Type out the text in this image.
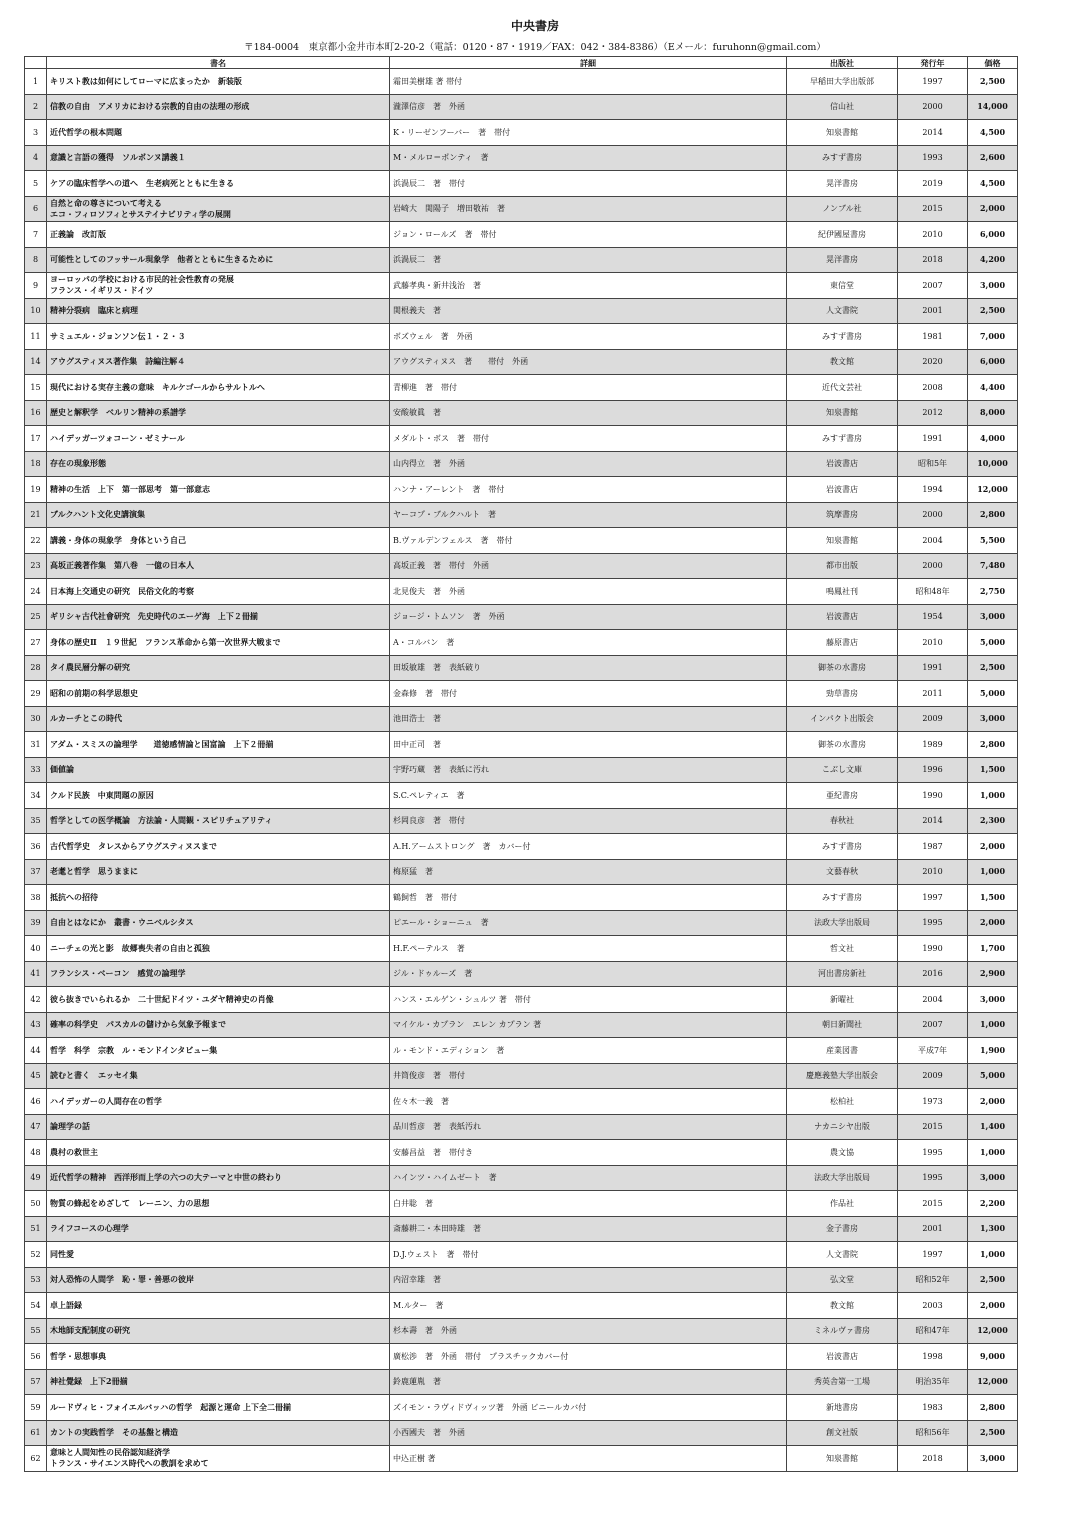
中央書房
〒184-0004　東京都小金井市本町2-20-2（電話：0120・87・1919／FAX：042・384-8386）（Eメール：furuhonn@gmail.com）
	書名	詳細	出版社	発行年	価格
1	キリスト教は如何にしてローマに広まったか　新装版	霜田美樹雄 著 帯付	早稲田大学出版部	1997	2,500
2	信教の自由　アメリカにおける宗教的自由の法理の形成	瀧澤信彦　著　外函	信山社	2000	14,000
3	近代哲学の根本問題	K・リーゼンフーバー　著　帯付	知泉書館	2014	4,500
4	意識と言語の獲得　ソルボンヌ講義１	M・メルロ＝ポンティ　著	みすず書房	1993	2,600
5	ケアの臨床哲学への道へ　生老病死とともに生きる	浜渦辰二　著　帯付	晃洋書房	2019	4,500
6	自然と命の尊さについて考える
エコ・フィロソフィとサステイナビリティ学の展開	岩崎大　関陽子　増田敬祐　著	ノンブル社	2015	2,000
7	正義論　改訂版	ジョン・ロールズ　著　帯付	紀伊國屋書房	2010	6,000
8	可能性としてのフッサール現象学　他者とともに生きるために	浜渦辰二　著	晃洋書房	2018	4,200
9	ヨーロッパの学校における市民的社会性教育の発展
フランス・イギリス・ドイツ	武藤孝典・新井浅治　著	東信堂	2007	3,000
10	精神分裂病　臨床と病理	関根義夫　著	人文書院	2001	2,500
11	サミュエル・ジョンソン伝１・２・３	ボズウェル　著　外函	みすず書房	1981	7,000
14	アウグスティヌス著作集　詩編注解４	アウグスティヌス　著　　帯付　外函	教文館	2020	6,000
15	現代における実存主義の意味　キルケゴールからサルトルへ	青柳進　著　帯付	近代文芸社	2008	4,400
16	歴史と解釈学　ベルリン精神の系譜学	安酸敏眞　著	知泉書館	2012	8,000
17	ハイデッガーツォコーン・ゼミナール	メダルト・ボス　著　帯付	みすず書房	1991	4,000
18	存在の現象形態	山内得立　著　外函	岩波書店	昭和5年	10,000
19	精神の生活　上下　第一部思考　第一部意志	ハンナ・アーレント　著　帯付	岩波書店	1994	12,000
21	ブルクハント文化史講演集	ヤーコプ・ブルクハルト　著	筑摩書房	2000	2,800
22	講義・身体の現象学　身体という自己	B.ヴァルデンフェルス　著　帯付	知泉書館	2004	5,500
23	高坂正義著作集　第八巻　一億の日本人	高坂正義　著　帯付　外函	都市出版	2000	7,480
24	日本海上交通史の研究　民俗文化的考察	北見俊夫　著　外函	鳴鳳社刊	昭和48年	2,750
25	ギリシャ古代社會研究　先史時代のエーゲ海　上下２冊揃	ジョージ・トムソン　著　外函	岩波書店	1954	3,000
27	身体の歴史Ⅱ　１９世紀　フランス革命から第一次世界大戦まで	A・コルバン　著	藤原書店	2010	5,000
28	タイ農民層分解の研究	田坂敏雄　著　表紙破り	御茶の水書房	1991	2,500
29	昭和の前期の科学思想史	金森修　著　帯付	勁草書房	2011	5,000
30	ルカーチとこの時代	池田浩士　著	インパクト出版会	2009	3,000
31	アダム・スミスの論理学　　道徳感情論と国富論　上下２冊揃	田中正司　著	御茶の水書房	1989	2,800
33	価値論	宇野巧蔵　著　表紙に汚れ	こぶし文庫	1996	1,500
34	クルド民族　中東問題の原因	S.C.ペレティエ　著	亜紀書房	1990	1,000
35	哲学としての医学概論　方法論・人間観・スピリチュアリティ	杉岡良彦　著　帯付	春秋社	2014	2,300
36	古代哲学史　タレスからアウグスティヌスまで	A.H.アームストロング　著　カバー付	みすず書房	1987	2,000
37	老耄と哲学　思うままに	梅原猛　著	文藝春秋	2010	1,000
38	抵抗への招待	鶴飼哲　著　帯付	みすず書房	1997	1,500
39	自由とはなにか　叢書・ウニベルシタス	ピエール・ショーニュ　著	法政大学出版局	1995	2,000
40	ニーチェの光と影　故郷喪失者の自由と孤独	H.F.ペーテルス　著	哲文社	1990	1,700
41	フランシス・ベーコン　感覚の論理学	ジル・ドゥルーズ　著	河出書房新社	2016	2,900
42	彼ら抜きでいられるか　二十世紀ドイツ・ユダヤ精神史の肖像	ハンス・エルゲン・シュルツ 著　帯付	新曜社	2004	3,000
43	確率の科学史　パスカルの儲けから気象予報まで	マイケル・カプラン　エレン カプラン 著	朝日新聞社	2007	1,000
44	哲学　科学　宗教　ル・モンドインタビュー集	ル・モンド・エディション　著	産業図書	平成7年	1,900
45	読むと書く　エッセイ集	井筒俊彦　著　帯付	慶應義塾大学出版会	2009	5,000
46	ハイデッガーの人間存在の哲学	佐々木一義　著	松柏社	1973	2,000
47	論理学の話	品川哲彦　著　表紙汚れ	ナカニシヤ出版	2015	1,400
48	農村の救世主	安藤昌益　著　帯付き	農文協	1995	1,000
49	近代哲学の精神　西洋形而上学の六つの大テーマと中世の終わり	ハインツ・ハイムゼート　著	法政大学出版局	1995	3,000
50	物質の蜂起をめざして　レーニン、力の思想	白井聡　著	作品社	2015	2,200
51	ライフコースの心理学	斎藤耕二・本田時雄　著	金子書房	2001	1,300
52	同性愛	D.J.ウェスト　著　帯付	人文書院	1997	1,000
53	対人恐怖の人間学　恥・罪・善悪の彼岸	内沼幸雄　著	弘文堂	昭和52年	2,500
54	卓上語録	M.ルター　著	教文館	2003	2,000
55	木地師支配制度の研究	杉本壽　著　外函	ミネルヴァ書房	昭和47年	12,000
56	哲学・思想事典	廣松渉　著　外函　帯付　プラスチックカバー付	岩波書店	1998	9,000
57	神社覺録　上下2冊揃	鈴鹿蓮胤　著	秀英舎第一工場	明治35年	12,000
59	ルードヴィヒ・フォイエルバッハの哲学　起源と運命 上下全二冊揃	ズイモン・ラヴィドヴィッツ著　外函 ビニールカバ付	新地書房	1983	2,800
61	カントの実践哲学　その基盤と構造	小西國夫　著　外函	創文社版	昭和56年	2,500
62	意味と人間知性の民俗認知経済学
トランス・サイエンス時代への教訓を求めて	中込正樹 著	知泉書館	2018	3,000
